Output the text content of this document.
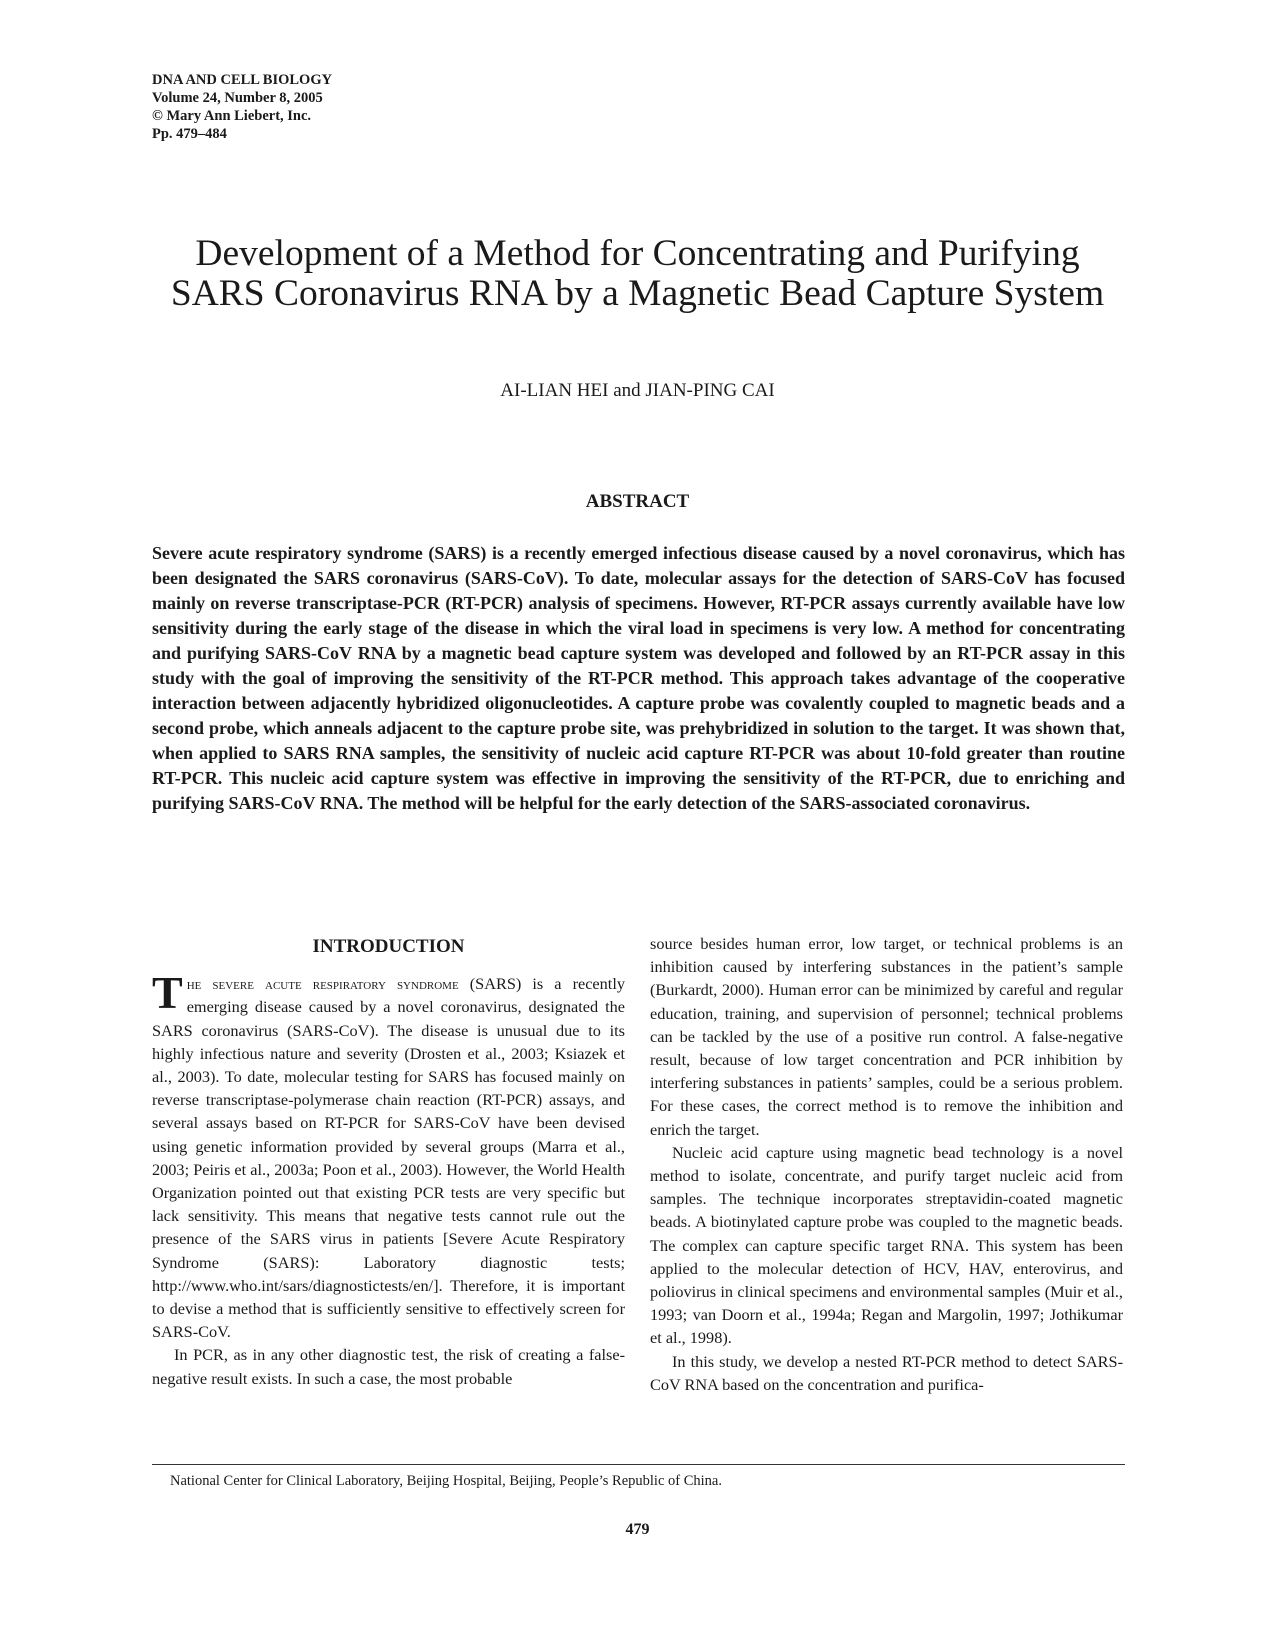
DNA AND CELL BIOLOGY
Volume 24, Number 8, 2005
© Mary Ann Liebert, Inc.
Pp. 479–484
Development of a Method for Concentrating and Purifying
SARS Coronavirus RNA by a Magnetic Bead Capture System
AI-LIAN HEI and JIAN-PING CAI
ABSTRACT
Severe acute respiratory syndrome (SARS) is a recently emerged infectious disease caused by a novel coronavirus, which has been designated the SARS coronavirus (SARS-CoV). To date, molecular assays for the detection of SARS-CoV has focused mainly on reverse transcriptase-PCR (RT-PCR) analysis of specimens. However, RT-PCR assays currently available have low sensitivity during the early stage of the disease in which the viral load in specimens is very low. A method for concentrating and purifying SARS-CoV RNA by a magnetic bead capture system was developed and followed by an RT-PCR assay in this study with the goal of improving the sensitivity of the RT-PCR method. This approach takes advantage of the cooperative interaction between adjacently hybridized oligonucleotides. A capture probe was covalently coupled to magnetic beads and a second probe, which anneals adjacent to the capture probe site, was prehybridized in solution to the target. It was shown that, when applied to SARS RNA samples, the sensitivity of nucleic acid capture RT-PCR was about 10-fold greater than routine RT-PCR. This nucleic acid capture system was effective in improving the sensitivity of the RT-PCR, due to enriching and purifying SARS-CoV RNA. The method will be helpful for the early detection of the SARS-associated coronavirus.
INTRODUCTION

The severe acute respiratory syndrome (SARS) is a recently emerging disease caused by a novel coronavirus, designated the SARS coronavirus (SARS-CoV). The disease is unusual due to its highly infectious nature and severity (Drosten et al., 2003; Ksiazek et al., 2003). To date, molecular testing for SARS has focused mainly on reverse transcriptase-polymerase chain reaction (RT-PCR) assays, and several assays based on RT-PCR for SARS-CoV have been devised using genetic information provided by several groups (Marra et al., 2003; Peiris et al., 2003a; Poon et al., 2003). However, the World Health Organization pointed out that existing PCR tests are very specific but lack sensitivity. This means that negative tests cannot rule out the presence of the SARS virus in patients [Severe Acute Respiratory Syndrome (SARS): Laboratory diagnostic tests; http://www.who.int/sars/diagnostictests/en/]. Therefore, it is important to devise a method that is sufficiently sensitive to effectively screen for SARS-CoV.

In PCR, as in any other diagnostic test, the risk of creating a false-negative result exists. In such a case, the most probable

source besides human error, low target, or technical problems is an inhibition caused by interfering substances in the patient’s sample (Burkardt, 2000). Human error can be minimized by careful and regular education, training, and supervision of personnel; technical problems can be tackled by the use of a positive run control. A false-negative result, because of low target concentration and PCR inhibition by interfering substances in patients’ samples, could be a serious problem. For these cases, the correct method is to remove the inhibition and enrich the target.

Nucleic acid capture using magnetic bead technology is a novel method to isolate, concentrate, and purify target nucleic acid from samples. The technique incorporates streptavidin-coated magnetic beads. A biotinylated capture probe was coupled to the magnetic beads. The complex can capture specific target RNA. This system has been applied to the molecular detection of HCV, HAV, enterovirus, and poliovirus in clinical specimens and environmental samples (Muir et al., 1993; van Doorn et al., 1994a; Regan and Margolin, 1997; Jothikumar et al., 1998).

In this study, we develop a nested RT-PCR method to detect SARS-CoV RNA based on the concentration and purifica-

National Center for Clinical Laboratory, Beijing Hospital, Beijing, People’s Republic of China.
479
